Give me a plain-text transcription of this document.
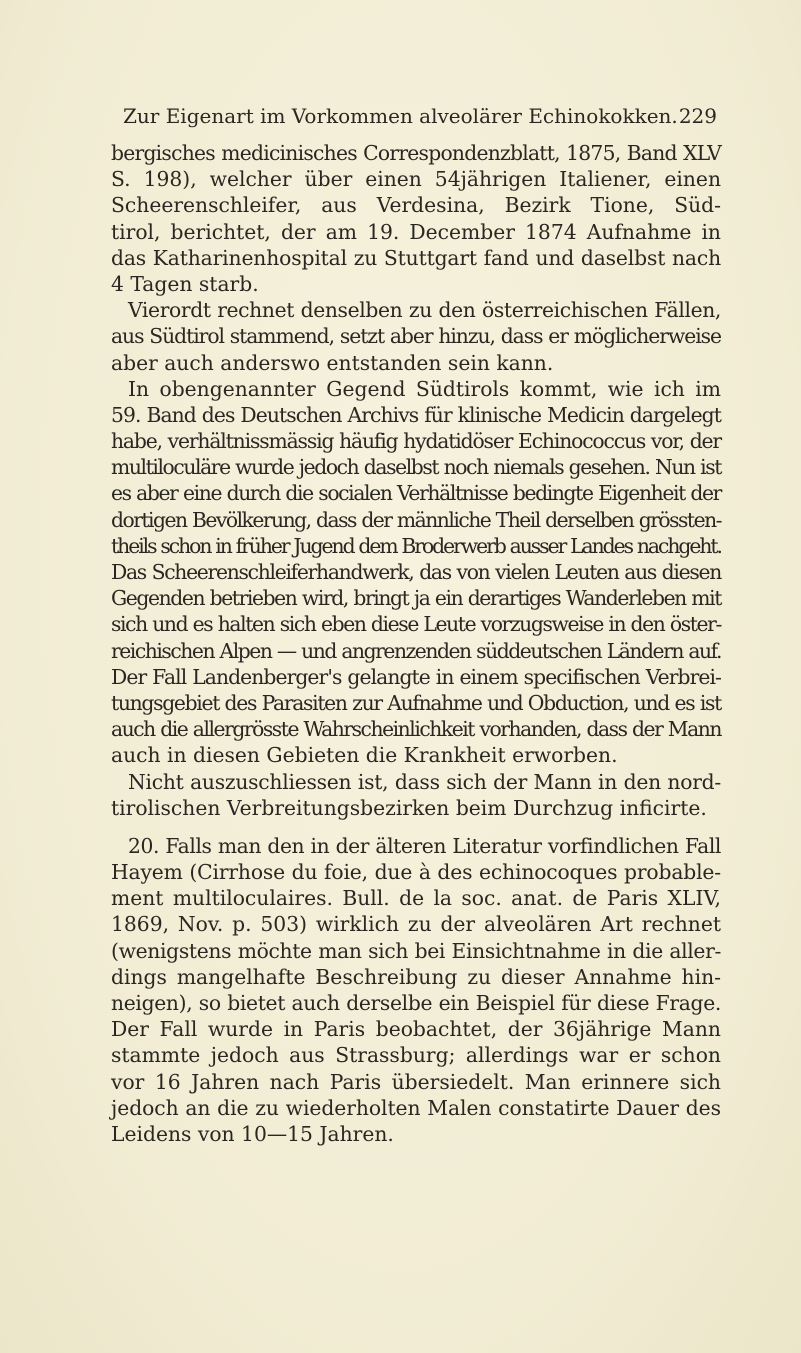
Zur Eigenart im Vorkommen alveolärer Echinokokken. 229
bergisches medicinisches Correspondenzblatt, 1875, Band XLV
S. 198), welcher über einen 54jährigen Italiener, einen
Scheerenschleifer, aus Verdesina, Bezirk Tione, Süd-
tirol, berichtet, der am 19. December 1874 Aufnahme in
das Katharinenhospital zu Stuttgart fand und daselbst nach
4 Tagen starb.
Vierordt rechnet denselben zu den österreichischen Fällen,
aus Südtirol stammend, setzt aber hinzu, dass er möglicherweise
aber auch anderswo entstanden sein kann.
In obengenannter Gegend Südtirols kommt, wie ich im
59. Band des Deutschen Archivs für klinische Medicin dargelegt
habe, verhältnissmässig häufig hydatidöser Echinococcus vor, der
multiloculäre wurde jedoch daselbst noch niemals gesehen. Nun ist
es aber eine durch die socialen Verhältnisse bedingte Eigenheit der
dortigen Bevölkerung, dass der männliche Theil derselben grössten-
theils schon in früher Jugend dem Broderwerb ausser Landes nachgeht.
Das Scheerenschleiferhandwerk, das von vielen Leuten aus diesen
Gegenden betrieben wird, bringt ja ein derartiges Wanderleben mit
sich und es halten sich eben diese Leute vorzugsweise in den öster-
reichischen Alpen — und angrenzenden süddeutschen Ländern auf.
Der Fall Landenberger's gelangte in einem specifischen Verbrei-
tungsgebiet des Parasiten zur Aufnahme und Obduction, und es ist
auch die allergrösste Wahrscheinlichkeit vorhanden, dass der Mann
auch in diesen Gebieten die Krankheit erworben.
Nicht auszuschliessen ist, dass sich der Mann in den nord-
tirolischen Verbreitungsbezirken beim Durchzug inficirte.
20. Falls man den in der älteren Literatur vorfindlichen Fall
Hayem (Cirrhose du foie, due à des echinocoques probable-
ment multiloculaires. Bull. de la soc. anat. de Paris XLIV,
1869, Nov. p. 503) wirklich zu der alveolären Art rechnet
(wenigstens möchte man sich bei Einsichtnahme in die aller-
dings mangelhafte Beschreibung zu dieser Annahme hin-
neigen), so bietet auch derselbe ein Beispiel für diese Frage.
Der Fall wurde in Paris beobachtet, der 36jährige Mann
stammte jedoch aus Strassburg; allerdings war er schon
vor 16 Jahren nach Paris übersiedelt. Man erinnere sich
jedoch an die zu wiederholten Malen constatirte Dauer des
Leidens von 10—15 Jahren.
